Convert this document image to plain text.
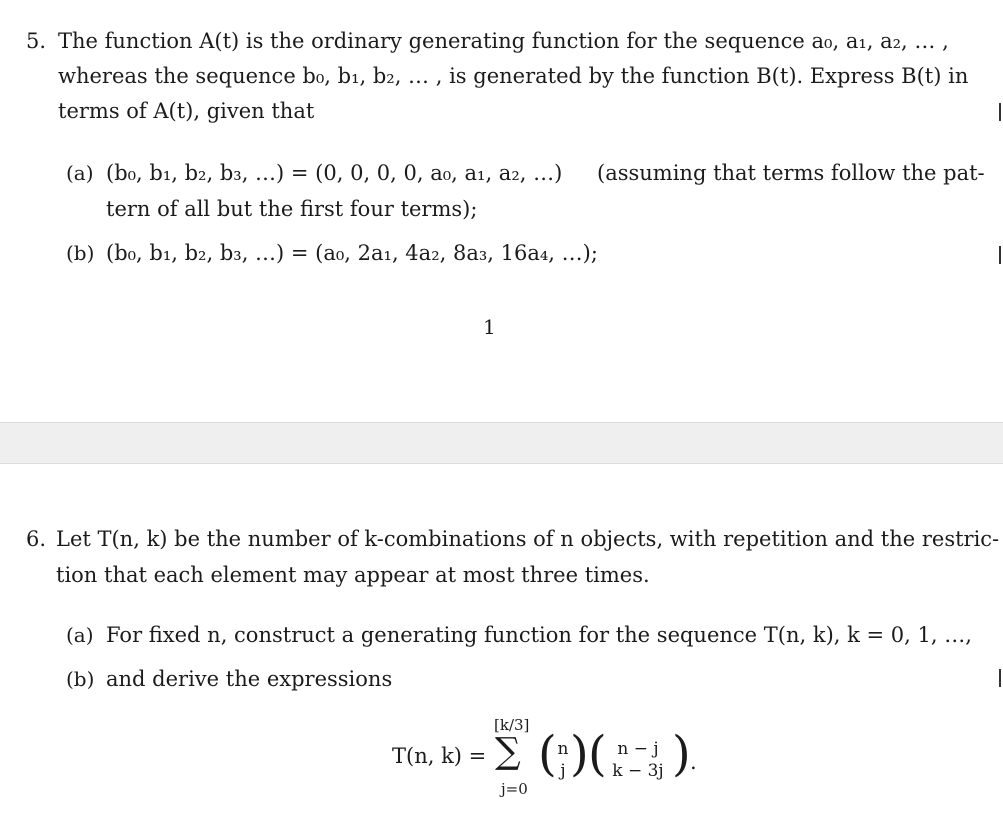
5. The function A(t) is the ordinary generating function for the sequence a₀, a₁, a₂, … ,
whereas the sequence b₀, b₁, b₂, … , is generated by the function B(t). Express B(t) in
terms of A(t), given that
(a) (b₀, b₁, b₂, b₃, …) = (0, 0, 0, 0, a₀, a₁, a₂, …) (assuming that terms follow the pat-
tern of all but the first four terms);
(b) (b₀, b₁, b₂, b₃, …) = (a₀, 2a₁, 4a₂, 8a₃, 16a₄, …);
1
6. Let T(n, k) be the number of k-combinations of n objects, with repetition and the restric-
tion that each element may appear at most three times.
(a) For fixed n, construct a generating function for the sequence T(n, k), k = 0, 1, …,
(b) and derive the expressions
T(n, k) =
[k/3]
∑
j=0
( n
j ) ( n − j
k − 3j ) .
